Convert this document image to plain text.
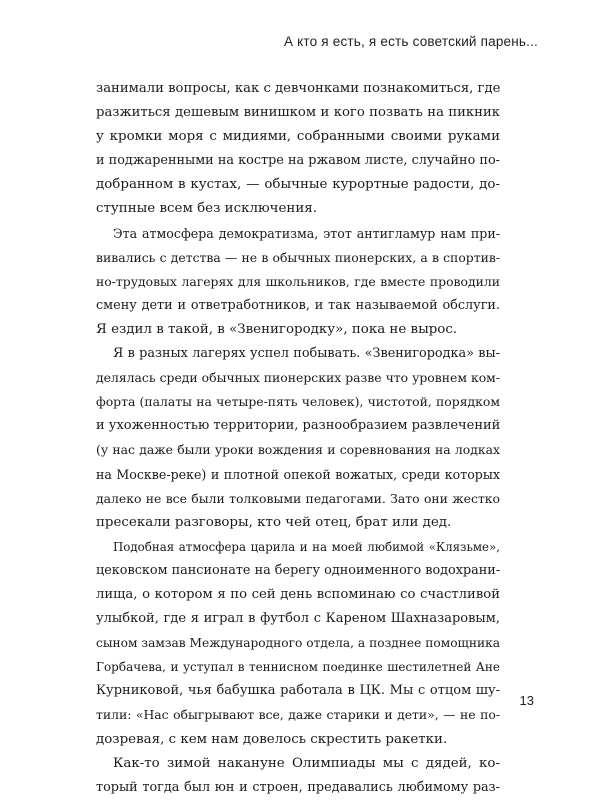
А кто я есть, я есть советский парень...
занимали вопросы, как с девчонками познакомиться, где
разжиться дешевым винишком и кого позвать на пикник
у кромки моря с мидиями, собранными своими руками
и поджаренными на костре на ржавом листе, случайно по-
добранном в кустах, — обычные курортные радости, до-
ступные всем без исключения.
Эта атмосфера демократизма, этот антигламур нам при-
вивались с детства — не в обычных пионерских, а в спортив-
но-трудовых лагерях для школьников, где вместе проводили
смену дети и ответработников, и так называемой обслуги.
Я ездил в такой, в «Звенигородку», пока не вырос.
Я в разных лагерях успел побывать. «Звенигородка» вы-
делялась среди обычных пионерских разве что уровнем ком-
форта (палаты на четыре-пять человек), чистотой, порядком
и ухоженностью территории, разнообразием развлечений
(у нас даже были уроки вождения и соревнования на лодках
на Москве-реке) и плотной опекой вожатых, среди которых
далеко не все были толковыми педагогами. Зато они жестко
пресекали разговоры, кто чей отец, брат или дед.
Подобная атмосфера царила и на моей любимой «Клязьме»,
цековском пансионате на берегу одноименного водохрани-
лища, о котором я по сей день вспоминаю со счастливой
улыбкой, где я играл в футбол с Кареном Шахназаровым,
сыном замзав Международного отдела, а позднее помощника
Горбачева, и уступал в теннисном поединке шестилетней Ане
Курниковой, чья бабушка работала в ЦК. Мы с отцом шу-
тили: «Нас обыгрывают все, даже старики и дети», — не по-
дозревая, с кем нам довелось скрестить ракетки.
Как-то зимой накануне Олимпиады мы с дядей, ко-
торый тогда был юн и строен, предавались любимому раз-
13
